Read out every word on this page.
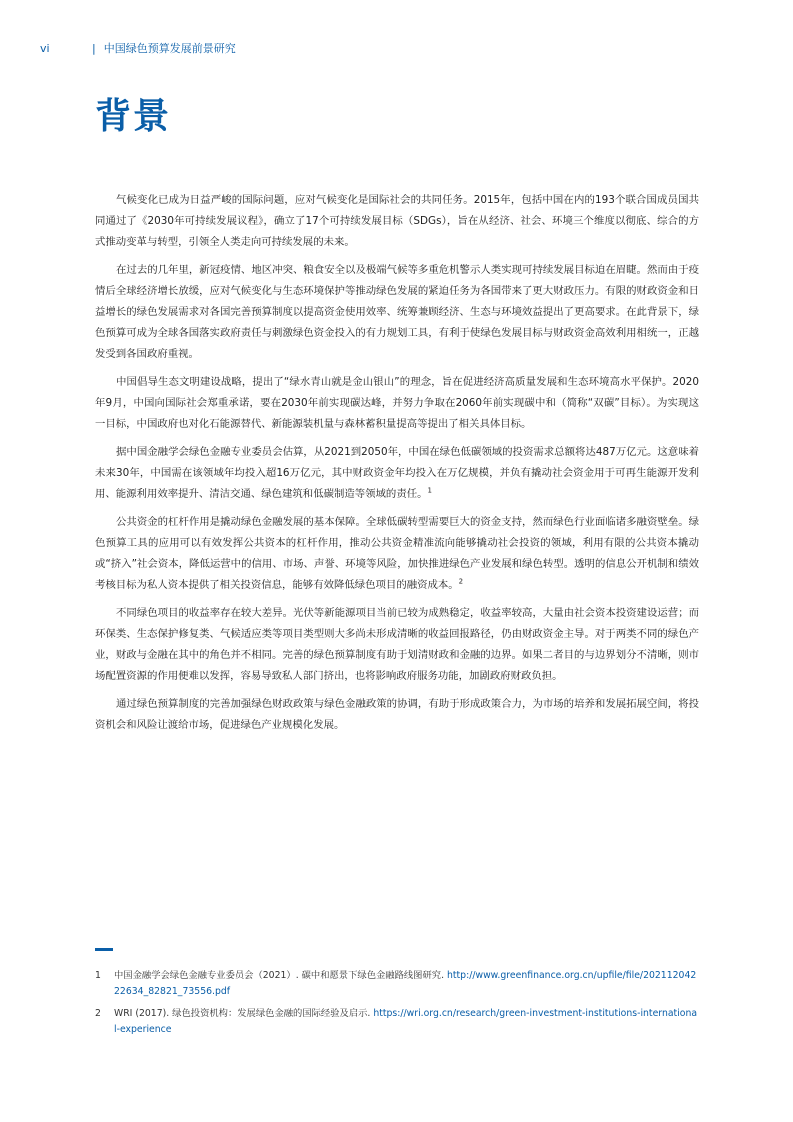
vi	| 中国绿色预算发展前景研究
背景

气候变化已成为日益严峻的国际问题，应对气候变化是国际社会的共同任务。2015年，包括中国在内的193个联合国成员国共同通过了《2030年可持续发展议程》，确立了17个可持续发展目标（SDGs），旨在从经济、社会、环境三个维度以彻底、综合的方式推动变革与转型，引领全人类走向可持续发展的未来。

在过去的几年里，新冠疫情、地区冲突、粮食安全以及极端气候等多重危机警示人类实现可持续发展目标迫在眉睫。然而由于疫情后全球经济增长放缓，应对气候变化与生态环境保护等推动绿色发展的紧迫任务为各国带来了更大财政压力。有限的财政资金和日益增长的绿色发展需求对各国完善预算制度以提高资金使用效率、统筹兼顾经济、生态与环境效益提出了更高要求。在此背景下，绿色预算可成为全球各国落实政府责任与刺激绿色资金投入的有力规划工具，有利于使绿色发展目标与财政资金高效利用相统一，正越发受到各国政府重视。

中国倡导生态文明建设战略，提出了“绿水青山就是金山银山”的理念，旨在促进经济高质量发展和生态环境高水平保护。2020年9月，中国向国际社会郑重承诺，要在2030年前实现碳达峰，并努力争取在2060年前实现碳中和（简称“双碳”目标）。为实现这一目标，中国政府也对化石能源替代、新能源装机量与森林蓄积量提高等提出了相关具体目标。

据中国金融学会绿色金融专业委员会估算，从2021到2050年，中国在绿色低碳领域的投资需求总额将达487万亿元。这意味着未来30年，中国需在该领域年均投入超16万亿元，其中财政资金年均投入在万亿规模，并负有撬动社会资金用于可再生能源开发利用、能源利用效率提升、清洁交通、绿色建筑和低碳制造等领域的责任。$^1$

公共资金的杠杆作用是撬动绿色金融发展的基本保障。全球低碳转型需要巨大的资金支持，然而绿色行业面临诸多融资壁垒。绿色预算工具的应用可以有效发挥公共资本的杠杆作用，推动公共资金精准流向能够撬动社会投资的领域，利用有限的公共资本撬动或“挤入”社会资本，降低运营中的信用、市场、声誉、环境等风险，加快推进绿色产业发展和绿色转型。透明的信息公开机制和绩效考核目标为私人资本提供了相关投资信息，能够有效降低绿色项目的融资成本。$^2$

不同绿色项目的收益率存在较大差异。光伏等新能源项目当前已较为成熟稳定，收益率较高，大量由社会资本投资建设运营；而环保类、生态保护修复类、气候适应类等项目类型则大多尚未形成清晰的收益回报路径，仍由财政资金主导。对于两类不同的绿色产业，财政与金融在其中的角色并不相同。完善的绿色预算制度有助于划清财政和金融的边界。如果二者目的与边界划分不清晰，则市场配置资源的作用便难以发挥，容易导致私人部门挤出，也将影响政府服务功能，加剧政府财政负担。

通过绿色预算制度的完善加强绿色财政政策与绿色金融政策的协调，有助于形成政策合力，为市场的培养和发展拓展空间，将投资机会和风险让渡给市场，促进绿色产业规模化发展。

1	中国金融学会绿色金融专业委员会（2021）. 碳中和愿景下绿色金融路线图研究. http://www.greenfinance.org.cn/upfile/file/20211204222634_82821_73556.pdf
2	WRI (2017). 绿色投资机构：发展绿色金融的国际经验及启示. https://wri.org.cn/research/green-investment-institutions-international-experience
